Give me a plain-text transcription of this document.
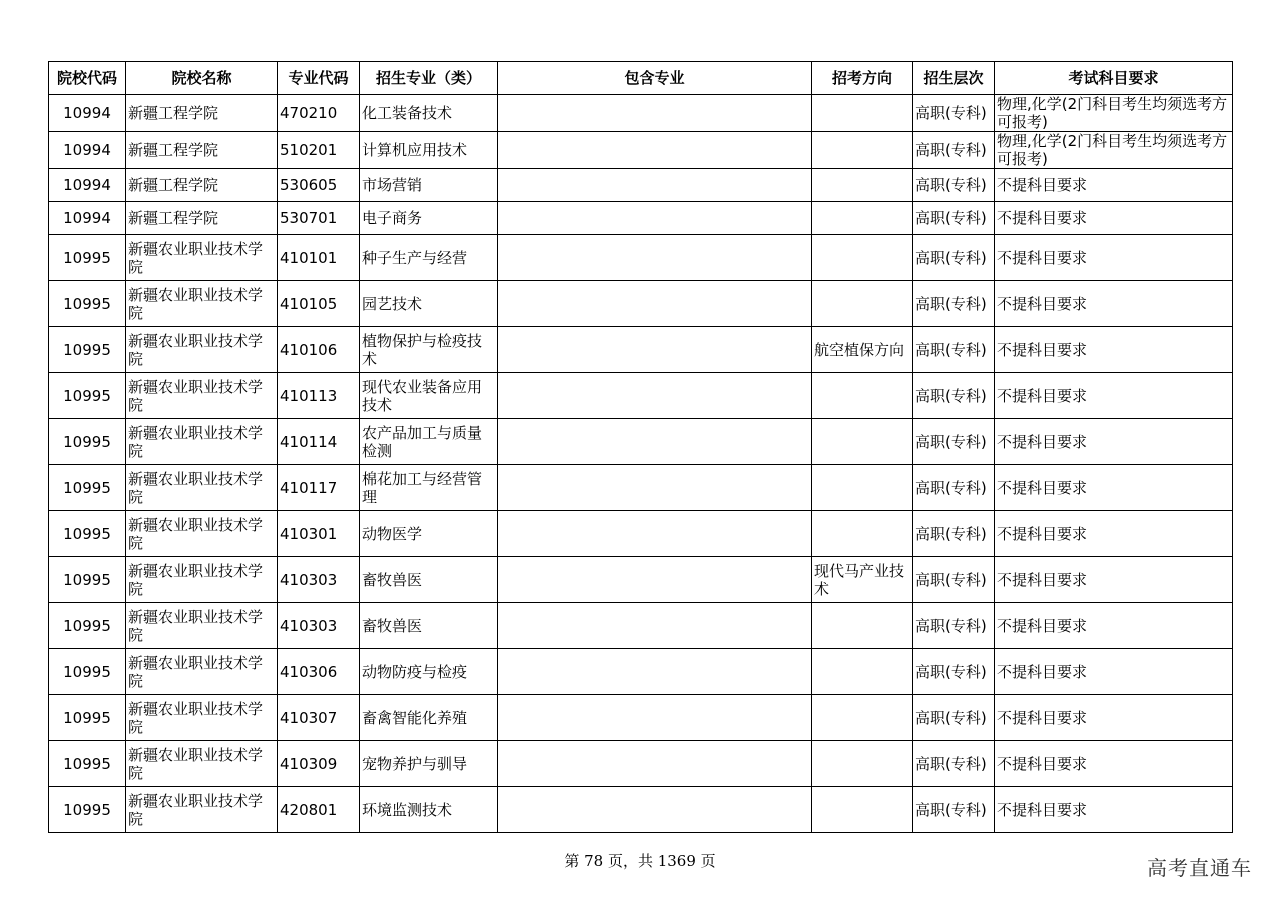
院校代码	院校名称	专业代码	招生专业（类）	包含专业	招考方向	招生层次	考试科目要求
10994	新疆工程学院	470210	化工装备技术			高职(专科)	物理,化学(2门科目考生均须选考方可报考)
10994	新疆工程学院	510201	计算机应用技术			高职(专科)	物理,化学(2门科目考生均须选考方可报考)
10994	新疆工程学院	530605	市场营销			高职(专科)	不提科目要求
10994	新疆工程学院	530701	电子商务			高职(专科)	不提科目要求
10995	新疆农业职业技术学院	410101	种子生产与经营			高职(专科)	不提科目要求
10995	新疆农业职业技术学院	410105	园艺技术			高职(专科)	不提科目要求
10995	新疆农业职业技术学院	410106	植物保护与检疫技术		航空植保方向	高职(专科)	不提科目要求
10995	新疆农业职业技术学院	410113	现代农业装备应用技术			高职(专科)	不提科目要求
10995	新疆农业职业技术学院	410114	农产品加工与质量检测			高职(专科)	不提科目要求
10995	新疆农业职业技术学院	410117	棉花加工与经营管理			高职(专科)	不提科目要求
10995	新疆农业职业技术学院	410301	动物医学			高职(专科)	不提科目要求
10995	新疆农业职业技术学院	410303	畜牧兽医		现代马产业技术	高职(专科)	不提科目要求
10995	新疆农业职业技术学院	410303	畜牧兽医			高职(专科)	不提科目要求
10995	新疆农业职业技术学院	410306	动物防疫与检疫			高职(专科)	不提科目要求
10995	新疆农业职业技术学院	410307	畜禽智能化养殖			高职(专科)	不提科目要求
10995	新疆农业职业技术学院	410309	宠物养护与驯导			高职(专科)	不提科目要求
10995	新疆农业职业技术学院	420801	环境监测技术			高职(专科)	不提科目要求
第 78 页，共 1369 页	高考直通车
